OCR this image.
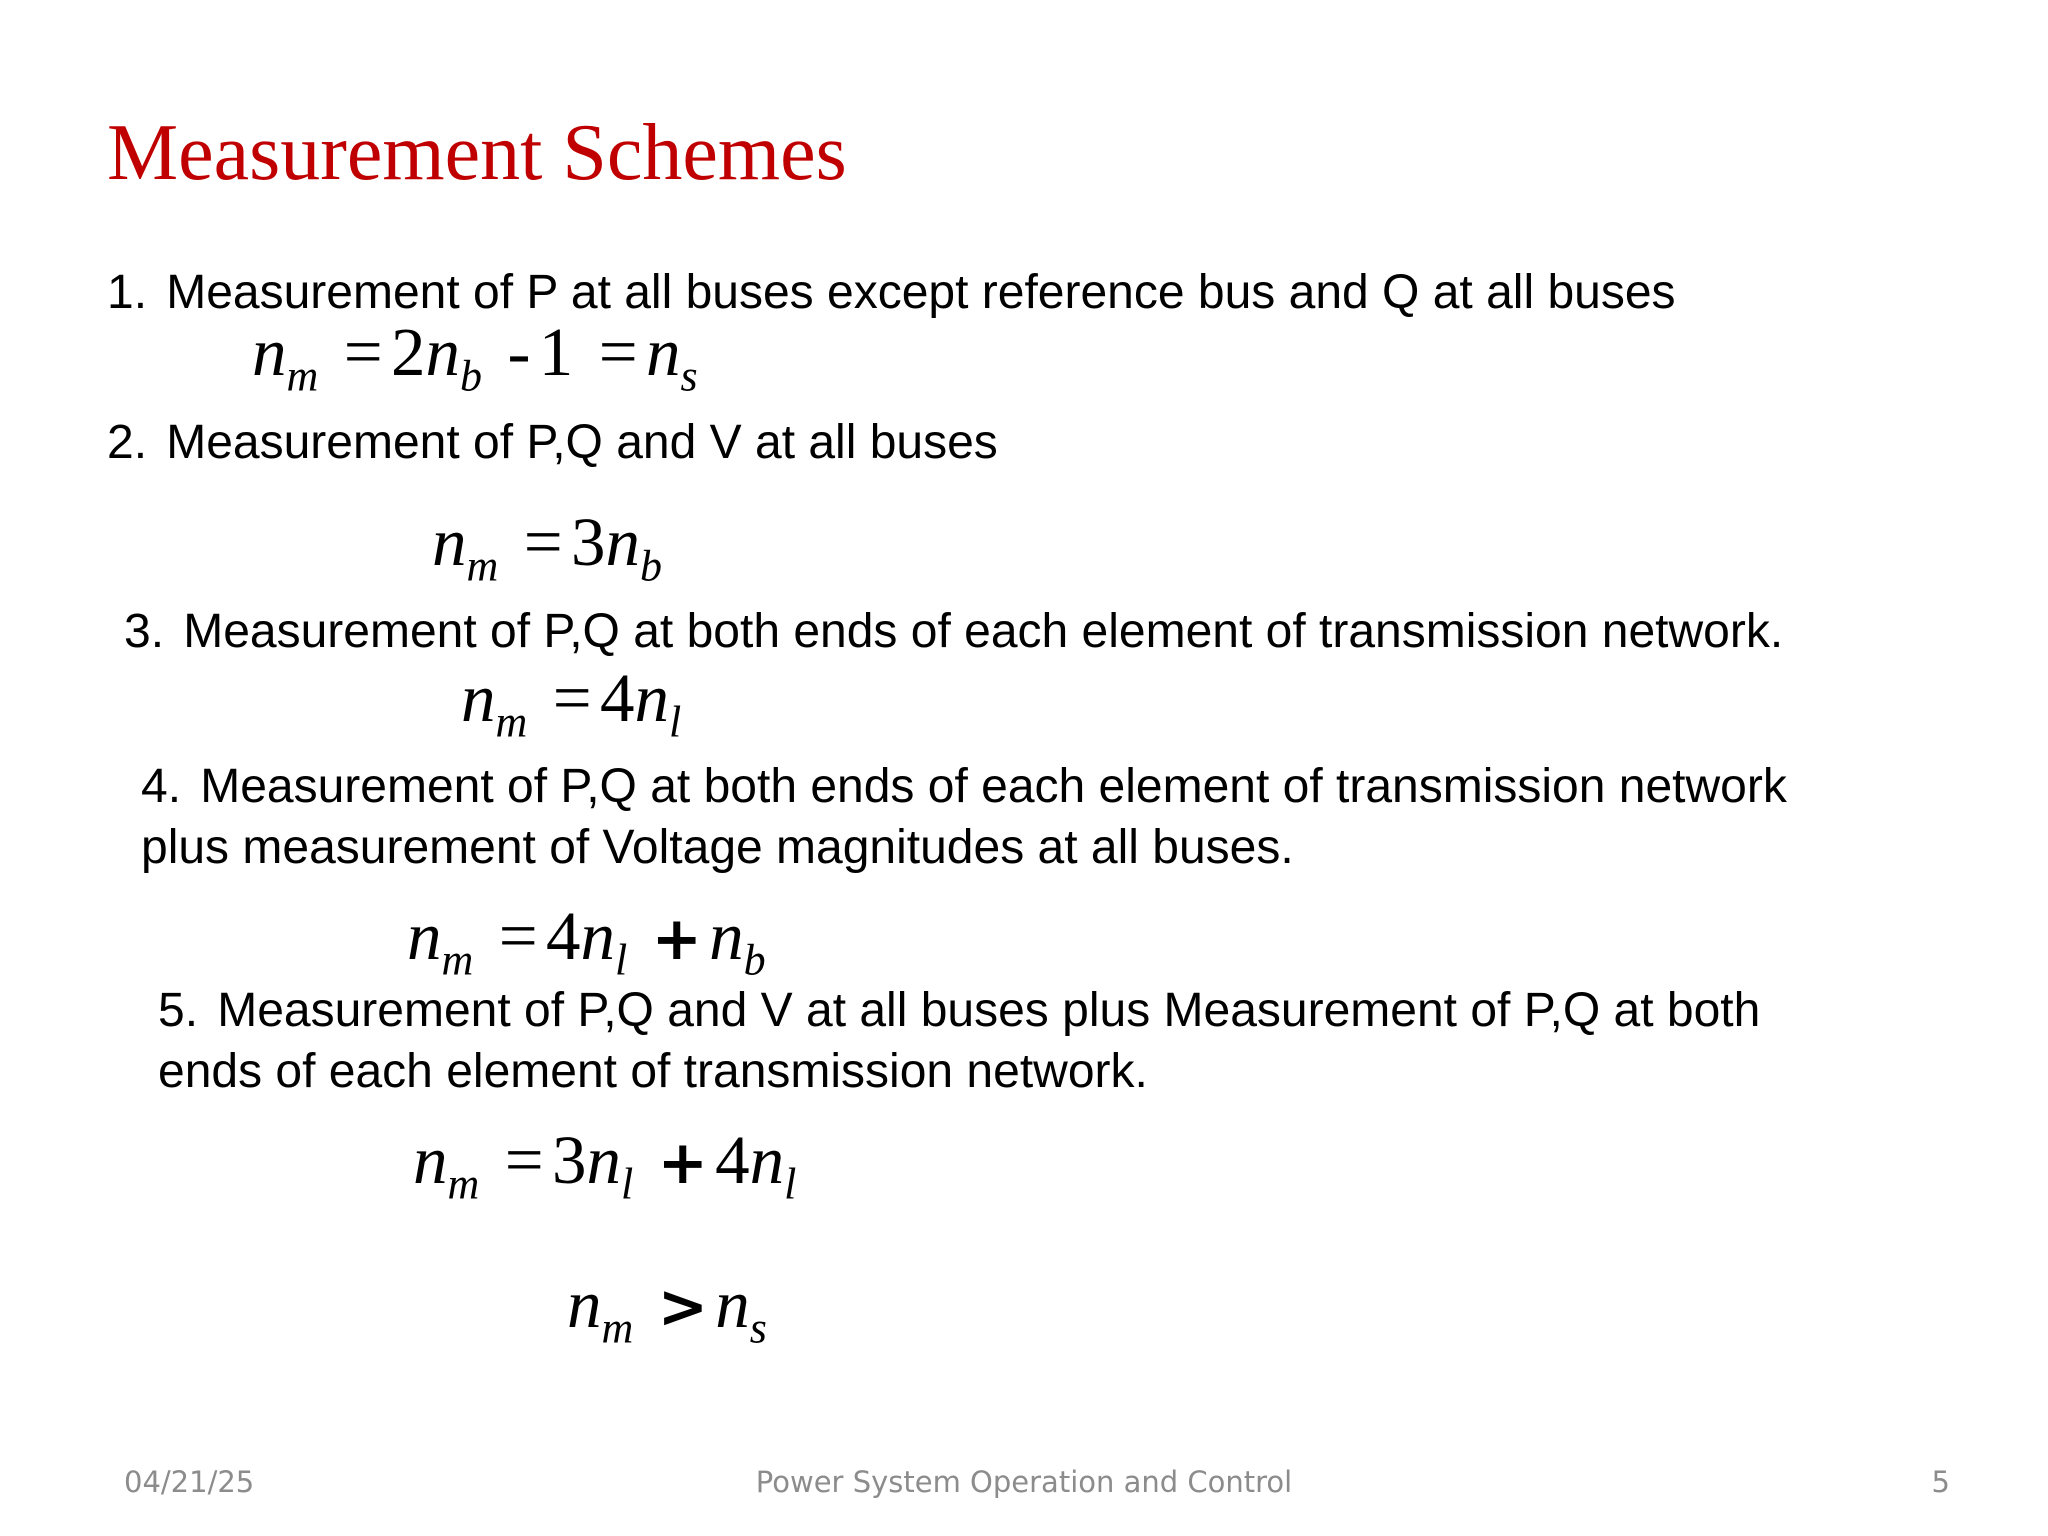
Measurement Schemes
1. Measurement of P at all buses except reference bus and Q at all buses
$n_m = 2n_b - 1 = n_s$
2. Measurement of P,Q and V at all buses
$n_m = 3n_b$
3. Measurement of P,Q at both ends of each element of transmission network.
$n_m = 4n_l$
4. Measurement of P,Q at both ends of each element of transmission network
plus measurement of Voltage magnitudes at all buses.
$n_m = 4n_l + n_b$
5. Measurement of P,Q and V at all buses plus Measurement of P,Q at both
ends of each element of transmission network.
$n_m = 3n_l + 4n_l$
$n_m > n_s$
04/21/25	Power System Operation and Control	5
